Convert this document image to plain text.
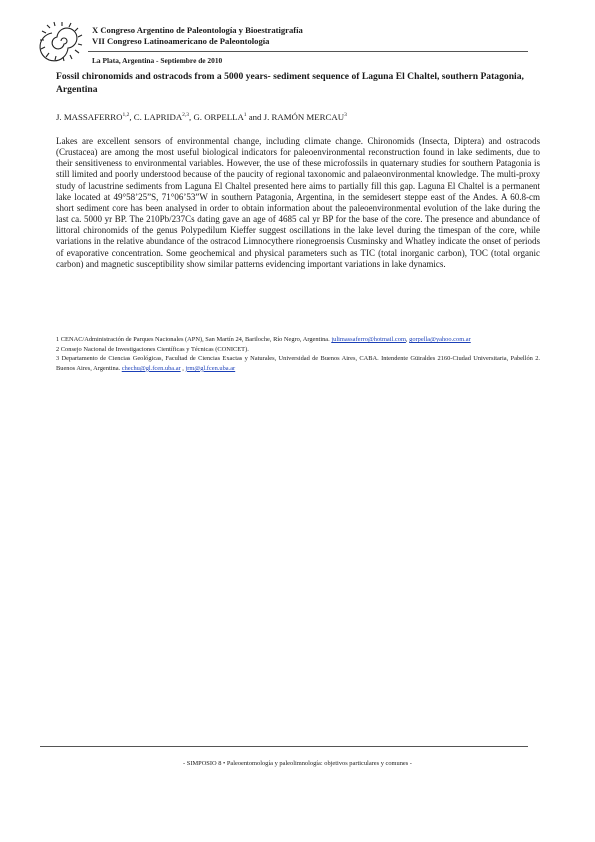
X Congreso Argentino de Paleontología y Bioestratigrafía
VII Congreso Latinoamericano de Paleontología
La Plata, Argentina - Septiembre de 2010
Fossil chironomids and ostracods from a 5000 years- sediment sequence of Laguna El Chaltel, southern Patagonia, Argentina
J. MASSAFERRO$^{1,2}$, C. LAPRIDA$^{2,3}$, G. ORPELLA$^1$ and J. RAMÓN MERCAU$^3$
Lakes are excellent sensors of environmental change, including climate change. Chironomids (Insecta, Diptera) and ostracods (Crustacea) are among the most useful biological indicators for paleoenvironmental reconstruction found in lake sediments, due to their sensitiveness to environmental variables. However, the use of these microfossils in quaternary studies for southern Patagonia is still limited and poorly understood because of the paucity of regional taxonomic and palaeonvironmental knowledge. The multi-proxy study of lacustrine sediments from Laguna El Chaltel presented here aims to partially fill this gap. Laguna El Chaltel is a permanent lake located at 49°58’25”S, 71°06’53”W in southern Patagonia, Argentina, in the semidesert steppe east of the Andes. A 60.8-cm short sediment core has been analysed in order to obtain information about the paleoenvironmental evolution of the lake during the last ca. 5000 yr BP. The 210Pb/237Cs dating gave an age of 4685 cal yr BP for the base of the core. The presence and abundance of littoral chironomids of the genus Polypedilum Kieffer suggest oscillations in the lake level during the timespan of the core, while variations in the relative abundance of the ostracod Limnocythere rionegroensis Cusminsky and Whatley indicate the onset of periods of evaporative concentration. Some geochemical and physical parameters such as TIC (total inorganic carbon), TOC (total organic carbon) and magnetic susceptibility show similar patterns evidencing important variations in lake dynamics.

1 CENAC/Administración de Parques Nacionales (APN), San Martín 24, Bariloche, Río Negro, Argentina. julimassaferro@hotmail.com, gorpella@yahoo.com.ar

2 Consejo Nacional de Investigaciones Científicas y Técnicas (CONICET).

3 Departamento de Ciencias Geológicas, Facultad de Ciencias Exactas y Naturales, Universidad de Buenos Aires, CABA. Intendente Güiraldes 2160-Ciudad Universitaria, Pabellón 2. Buenos Aires, Argentina. chechu@gl.fcen.uba.ar , jrm@gl.fcen.uba.ar

- SIMPOSIO 8 • Paleoentomología y paleolimnología: objetivos particulares y comunes -
